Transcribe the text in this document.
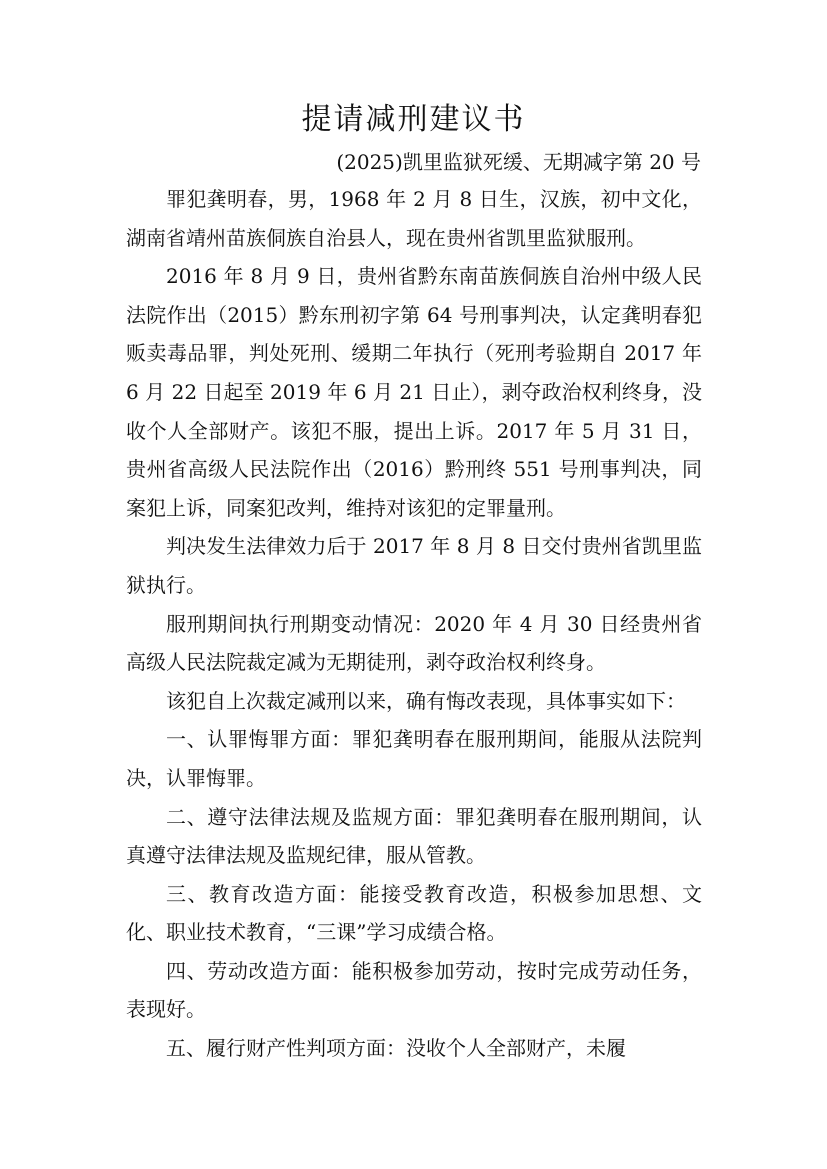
提请减刑建议书
(2025)凯里监狱死缓、无期减字第 20 号

罪犯龚明春，男，1968 年 2 月 8 日生，汉族，初中文化，湖南省靖州苗族侗族自治县人，现在贵州省凯里监狱服刑。

2016 年 8 月 9 日，贵州省黔东南苗族侗族自治州中级人民法院作出（2015）黔东刑初字第 64 号刑事判决，认定龚明春犯贩卖毒品罪，判处死刑、缓期二年执行（死刑考验期自 2017 年 6 月 22 日起至 2019 年 6 月 21 日止），剥夺政治权利终身，没收个人全部财产。该犯不服，提出上诉。2017 年 5 月 31 日，贵州省高级人民法院作出（2016）黔刑终 551 号刑事判决，同案犯上诉，同案犯改判，维持对该犯的定罪量刑。

判决发生法律效力后于 2017 年 8 月 8 日交付贵州省凯里监狱执行。

服刑期间执行刑期变动情况：2020 年 4 月 30 日经贵州省高级人民法院裁定减为无期徒刑，剥夺政治权利终身。

该犯自上次裁定减刑以来，确有悔改表现，具体事实如下：

一、认罪悔罪方面：罪犯龚明春在服刑期间，能服从法院判决，认罪悔罪。

二、遵守法律法规及监规方面：罪犯龚明春在服刑期间，认真遵守法律法规及监规纪律，服从管教。

三、教育改造方面：能接受教育改造，积极参加思想、文化、职业技术教育，“三课”学习成绩合格。

四、劳动改造方面：能积极参加劳动，按时完成劳动任务，表现好。

五、履行财产性判项方面：没收个人全部财产，未履
